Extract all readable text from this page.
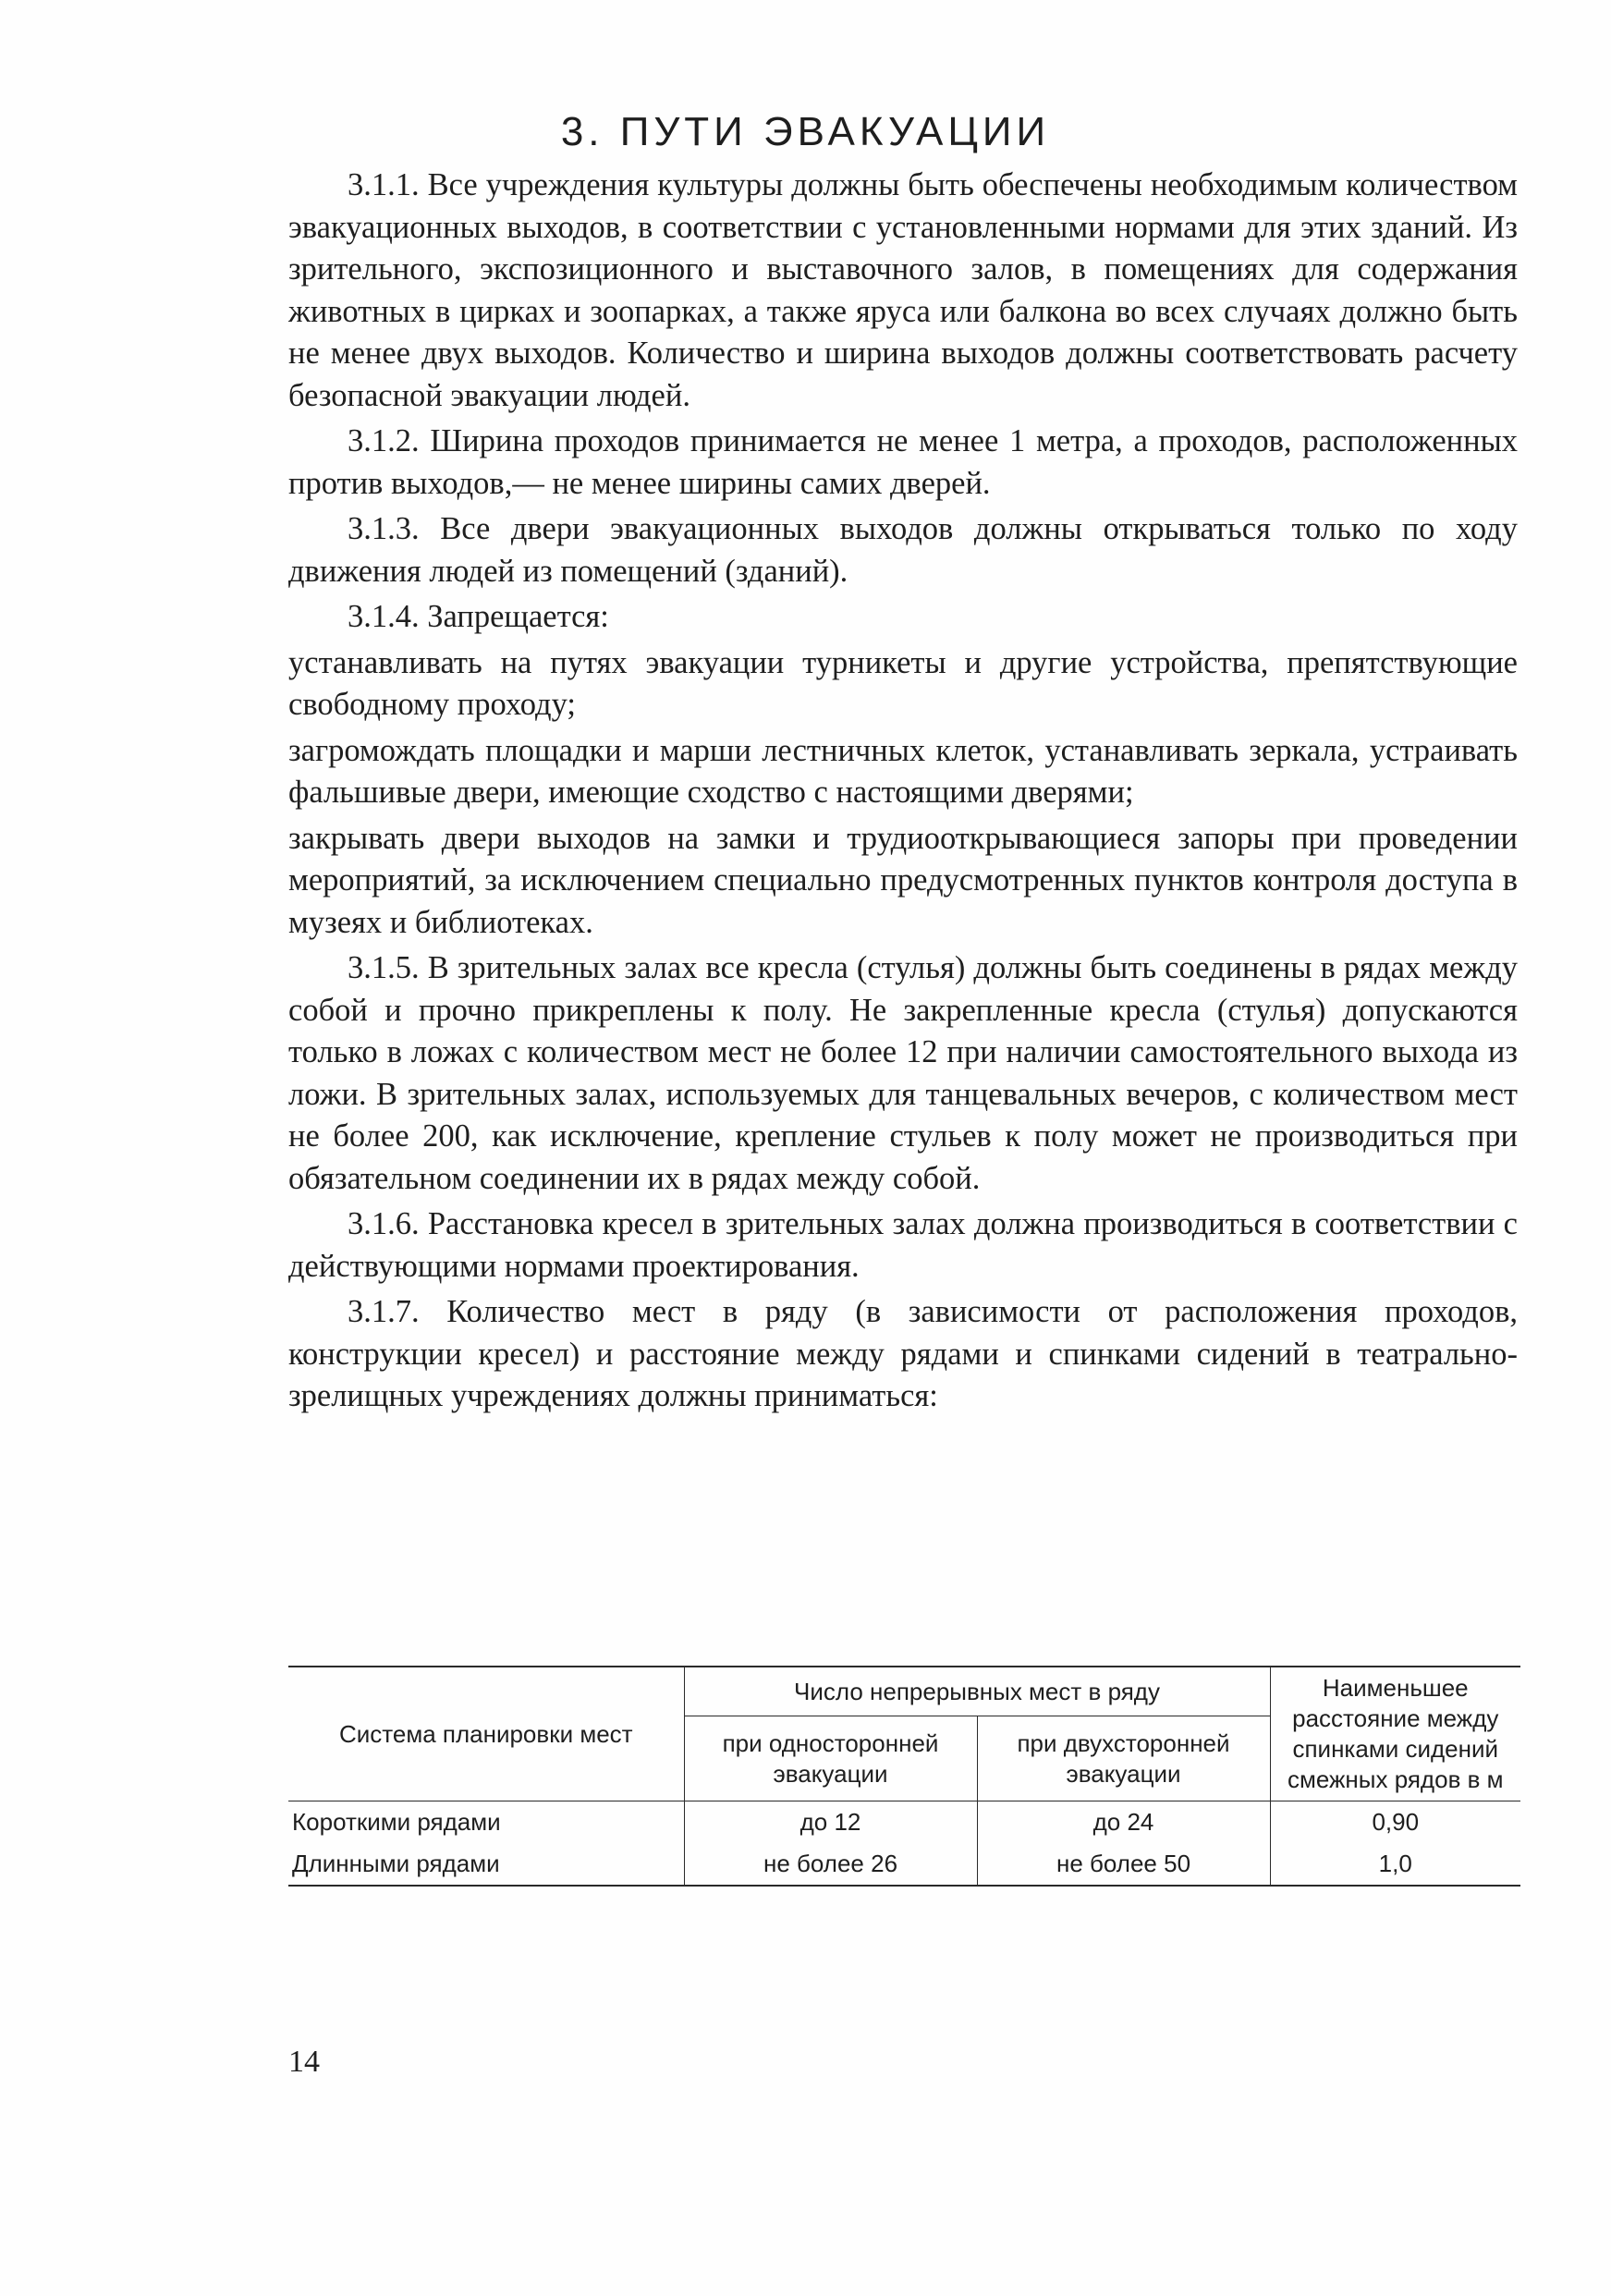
3. ПУТИ ЭВАКУАЦИИ

3.1.1. Все учреждения культуры должны быть обеспечены необходимым количеством эвакуационных выходов, в соответствии с установленными нормами для этих зданий. Из зрительного, экспозиционного и выставочного залов, в помещениях для содержания животных в цирках и зоопарках, а также яруса или балкона во всех случаях должно быть не менее двух выходов. Количество и ширина выходов должны соответствовать расчету безопасной эвакуации людей.

3.1.2. Ширина проходов принимается не менее 1 метра, а проходов, расположенных против выходов,— не менее ширины самих дверей.

3.1.3. Все двери эвакуационных выходов должны открываться только по ходу движения людей из помещений (зданий).

3.1.4. Запрещается:

устанавливать на путях эвакуации турникеты и другие устройства, препятствующие свободному проходу;

загромождать площадки и марши лестничных клеток, устанавливать зеркала, устраивать фальшивые двери, имеющие сходство с настоящими дверями;

закрывать двери выходов на замки и трудиооткрывающиеся запоры при проведении мероприятий, за исключением специально предусмотренных пунктов контроля доступа в музеях и библиотеках.

3.1.5. В зрительных залах все кресла (стулья) должны быть соединены в рядах между собой и прочно прикреплены к полу. Не закрепленные кресла (стулья) допускаются только в ложах с количеством мест не более 12 при наличии самостоятельного выхода из ложи. В зрительных залах, используемых для танцевальных вечеров, с количеством мест не более 200, как исключение, крепление стульев к полу может не производиться при обязательном соединении их в рядах между собой.

3.1.6. Расстановка кресел в зрительных залах должна производиться в соответствии с действующими нормами проектирования.

3.1.7. Количество мест в ряду (в зависимости от расположения проходов, конструкции кресел) и расстояние между рядами и спинками сидений в театрально-зрелищных учреждениях должны приниматься:

Система планировки мест	Число непрерывных мест в ряду		Наименьшее расстояние между спинками сидений смежных рядов в м
	при односторонней эвакуации	при двухсторонней эвакуации	
Короткими рядами	до 12	до 24	0,90
Длинными рядами	не более 26	не более 50	1,0
14
